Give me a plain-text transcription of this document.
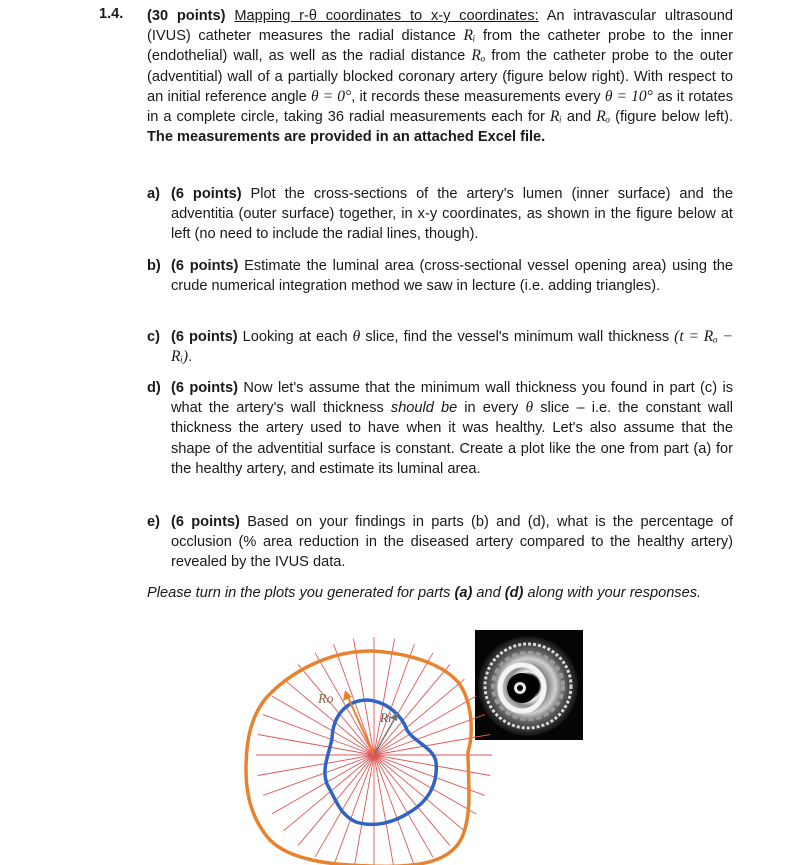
1.4. (30 points) Mapping r-θ coordinates to x-y coordinates: An intravascular ultrasound (IVUS) catheter measures the radial distance Rᵢ from the catheter probe to the inner (endothelial) wall, as well as the radial distance Rₒ from the catheter probe to the outer (adventitial) wall of a partially blocked coronary artery (figure below right). With respect to an initial reference angle θ = 0°, it records these measurements every θ = 10° as it rotates in a complete circle, taking 36 radial measurements each for Rᵢ and Rₒ (figure below left). The measurements are provided in an attached Excel file.
a) (6 points) Plot the cross-sections of the artery's lumen (inner surface) and the adventitia (outer surface) together, in x-y coordinates, as shown in the figure below at left (no need to include the radial lines, though).
b) (6 points) Estimate the luminal area (cross-sectional vessel opening area) using the crude numerical integration method we saw in lecture (i.e. adding triangles).
c) (6 points) Looking at each θ slice, find the vessel's minimum wall thickness (t = Rₒ − Rᵢ).
d) (6 points) Now let's assume that the minimum wall thickness you found in part (c) is what the artery's wall thickness should be in every θ slice – i.e. the constant wall thickness the artery used to have when it was healthy. Let's also assume that the shape of the adventitial surface is constant. Create a plot like the one from part (a) for the healthy artery, and estimate its luminal area.
e) (6 points) Based on your findings in parts (b) and (d), what is the percentage of occlusion (% area reduction in the diseased artery compared to the healthy artery) revealed by the IVUS data.
Please turn in the plots you generated for parts (a) and (d) along with your responses.
Ro
Ri
